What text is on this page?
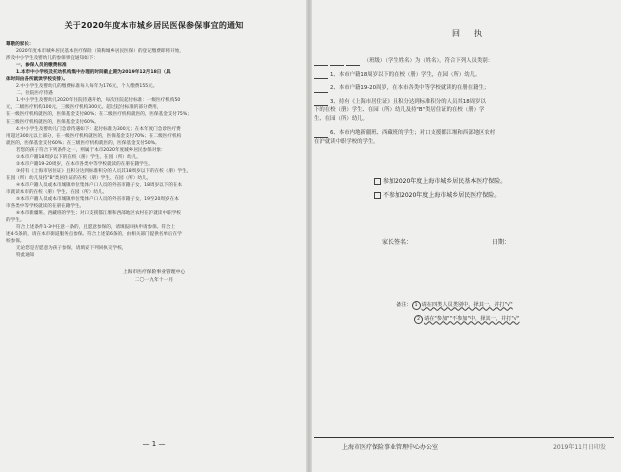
关于2020年度本市城乡居民医保参保事宜的通知
尊敬的家长：
2020年度本市城乡居民基本医疗保险（简称城乡居民医保）的登记缴费即将开始，
涉及中小学生及婴幼儿的参保事宜通知如下：
一、参保人员的缴费标准
1.本市中小学校及托幼机构集中办理的时间截止期为2019年12月18日（具
体时间由各所就读学校安排）。
2.中小学生及婴幼儿的缴费标准每人每年为176元，个人缴费155元。
二、住院医疗待遇
1.中小学生及婴幼儿2020年住院待遇开始，每次住院起付标准：一级医疗机构50
元，二级医疗机构100元，三级医疗机构300元。超过起付标准的部分费用，
在一级医疗机构就医的，医保基金支付80%；在二级医疗机构就医的，医保基金支付75%；
在三级医疗机构就医的，医保基金支付60%。
4.中小学生及婴幼儿门急诊待遇如下：起付标准为300元；在本年度门急诊医疗费
用超过300元以上部分，在一级医疗机构就医的，医保基金支付70%；在二级医疗机构
就医的，医保基金支付60%；在三级医疗机构就医的，医保基金支付50%。
若您的孩子符合下列条件之一，则属于本市2020年度城乡居民参保对象：
①本市户籍18周岁以下的在校（册）学生、在园（所）幼儿。
②本市户籍19-20周岁，在本市各类中等学校就读的在册在籍学生。
③持有《上海市居住证》且积分达到标准积分的人员其18周岁以下的在校（册）学生、
在园（所）幼儿及持"B"类居住证的在校（册）学生、在园（所）幼儿。
④本市户籍人员或本市城镇单位集体户口人员的外省市籍子女，18周岁以下的在本
市就读本市的在校（册）学生、在园（所）幼儿。
⑤本市户籍人员或本市城镇单位集体户口人员的外省市籍子女，19至20周岁在本
市各类中等学校就读的在册在籍学生。
⑥本市新疆班、西藏班的学生；对口支援都江堰和西部地区农村在沪就读中职学校
的学生。
符合上述条件1-3中任意一条的，且愿意参保的，请填报回执申请参保。符合上
述4-5条的，请在本市街道服务点参保。符合上述第6条的，由相关部门提供名单后在学
校参保。
无论您是否愿意为孩子参保，请填妥下列回执交学校。
特此通知
上海市医疗保险事业管理中心
二〇一九年十一月
— 1 —
回执
（班级）（学生姓名）为（姓名），符合下列人员类别：
1、本市户籍18周岁以下的在校（册）学生，在园（所）幼儿。
2、本市户籍19-20周岁，在本市各类中等学校就读的在册在籍生；
3、持有《上海市居住证》且积分达到标准积分的人员其18周岁以
下的在校（册）学生、在园（所）幼儿及持"B"类居住证的在校（册）学
生、在园（所）幼儿。
6、本市内地新疆班、西藏班的学生；对口支援都江堰和西部地区农村
在沪就读中职学校的学生。
参加2020年度上海市城乡居民基本医疗保险。
不参加2020年度上海市城乡居民医疗保险。
家长签名：	日期：
备注： 1 请在四类人员类别中，择其一，并打"√"
2 请在"参加""不参加"中，择其一，并打"√"
上海市医疗保险事业管理中心办公室	2019年11月日印发
